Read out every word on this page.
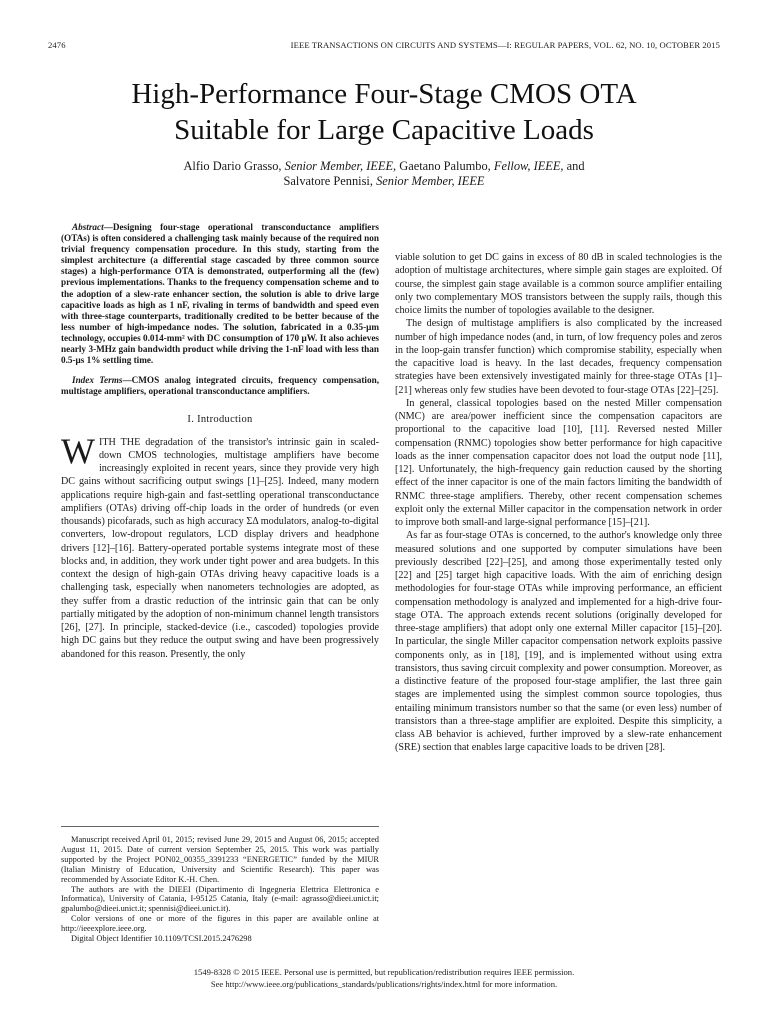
2476	IEEE TRANSACTIONS ON CIRCUITS AND SYSTEMS—I: REGULAR PAPERS, VOL. 62, NO. 10, OCTOBER 2015
High-Performance Four-Stage CMOS OTA
Suitable for Large Capacitive Loads
Alfio Dario Grasso, Senior Member, IEEE, Gaetano Palumbo, Fellow, IEEE, and
Salvatore Pennisi, Senior Member, IEEE

Abstract—Designing four-stage operational transconductance amplifiers (OTAs) is often considered a challenging task mainly because of the required non trivial frequency compensation procedure. In this study, starting from the simplest architecture (a differential stage cascaded by three common source stages) a high-performance OTA is demonstrated, outperforming all the (few) previous implementations. Thanks to the frequency compensation scheme and to the adoption of a slew-rate enhancer section, the solution is able to drive large capacitive loads as high as 1 nF, rivaling in terms of bandwidth and speed even with three-stage counterparts, traditionally credited to be better because of the less number of high-impedance nodes. The solution, fabricated in a 0.35-μm technology, occupies 0.014-mm² with DC consumption of 170 μW. It also achieves nearly 3-MHz gain bandwidth product while driving the 1-nF load with less than 0.5-μs 1% settling time.

Index Terms—CMOS analog integrated circuits, frequency compensation, multistage amplifiers, operational transconductance amplifiers.

I. Introduction

WITH THE degradation of the transistor's intrinsic gain in scaled-down CMOS technologies, multistage amplifiers have become increasingly exploited in recent years, since they provide very high DC gains without sacrificing output swings [1]–[25]. Indeed, many modern applications require high-gain and fast-settling operational transconductance amplifiers (OTAs) driving off-chip loads in the order of hundreds (or even thousands) picofarads, such as high accuracy ΣΔ modulators, analog-to-digital converters, low-dropout regulators, LCD display drivers and headphone drivers [12]–[16]. Battery-operated portable systems integrate most of these blocks and, in addition, they work under tight power and area budgets. In this context the design of high-gain OTAs driving heavy capacitive loads is a challenging task, especially when nanometers technologies are adopted, as they suffer from a drastic reduction of the intrinsic gain that can be only partially mitigated by the adoption of non-minimum channel length transistors [26], [27]. In principle, stacked-device (i.e., cascoded) topologies provide high DC gains but they reduce the output swing and have been progressively abandoned for this reason. Presently, the only

viable solution to get DC gains in excess of 80 dB in scaled technologies is the adoption of multistage architectures, where simple gain stages are exploited. Of course, the simplest gain stage available is a common source amplifier entailing only two complementary MOS transistors between the supply rails, though this choice limits the number of topologies available to the designer.

The design of multistage amplifiers is also complicated by the increased number of high impedance nodes (and, in turn, of low frequency poles and zeros in the loop-gain transfer function) which compromise stability, especially when the capacitive load is heavy. In the last decades, frequency compensation strategies have been extensively investigated mainly for three-stage OTAs [1]–[21] whereas only few studies have been devoted to four-stage OTAs [22]–[25].

In general, classical topologies based on the nested Miller compensation (NMC) are area/power inefficient since the compensation capacitors are proportional to the capacitive load [10], [11]. Reversed nested Miller compensation (RNMC) topologies show better performance for high capacitive loads as the inner compensation capacitor does not load the output node [11], [12]. Unfortunately, the high-frequency gain reduction caused by the shorting effect of the inner capacitor is one of the main factors limiting the bandwidth of RNMC three-stage amplifiers. Thereby, other recent compensation schemes exploit only the external Miller capacitor in the compensation network in order to improve both small-and large-signal performance [15]–[21].

As far as four-stage OTAs is concerned, to the author's knowledge only three measured solutions and one supported by computer simulations have been previously described [22]–[25], and among those experimentally tested only [22] and [25] target high capacitive loads. With the aim of enriching design methodologies for four-stage OTAs while improving performance, an efficient compensation methodology is analyzed and implemented for a high-drive four-stage OTA. The approach extends recent solutions (originally developed for three-stage amplifiers) that adopt only one external Miller capacitor [15]–[20]. In particular, the single Miller capacitor compensation network exploits passive components only, as in [18], [19], and is implemented without using extra transistors, thus saving circuit complexity and power consumption. Moreover, as a distinctive feature of the proposed four-stage amplifier, the last three gain stages are implemented using the simplest common source topologies, thus entailing minimum transistors number so that the same (or even less) number of transistors than a three-stage amplifier are exploited. Despite this simplicity, a class AB behavior is achieved, further improved by a slew-rate enhancement (SRE) section that enables large capacitive loads to be driven [28].

Manuscript received April 01, 2015; revised June 29, 2015 and August 06, 2015; accepted August 11, 2015. Date of current version September 25, 2015. This work was partially supported by the Project PON02_00355_3391233 “ENERGETIC” funded by the MIUR (Italian Ministry of Education, University and Scientific Research). This paper was recommended by Associate Editor K.-H. Chen.

The authors are with the DIEEI (Dipartimento di Ingegneria Elettrica Elettronica e Informatica), University of Catania, I-95125 Catania, Italy (e-mail: agrasso@dieei.unict.it; gpalumbo@dieei.unict.it; spennisi@dieei.unict.it).

Color versions of one or more of the figures in this paper are available online at http://ieeexplore.ieee.org.

Digital Object Identifier 10.1109/TCSI.2015.2476298

1549-8328 © 2015 IEEE. Personal use is permitted, but republication/redistribution requires IEEE permission.
See http://www.ieee.org/publications_standards/publications/rights/index.html for more information.
